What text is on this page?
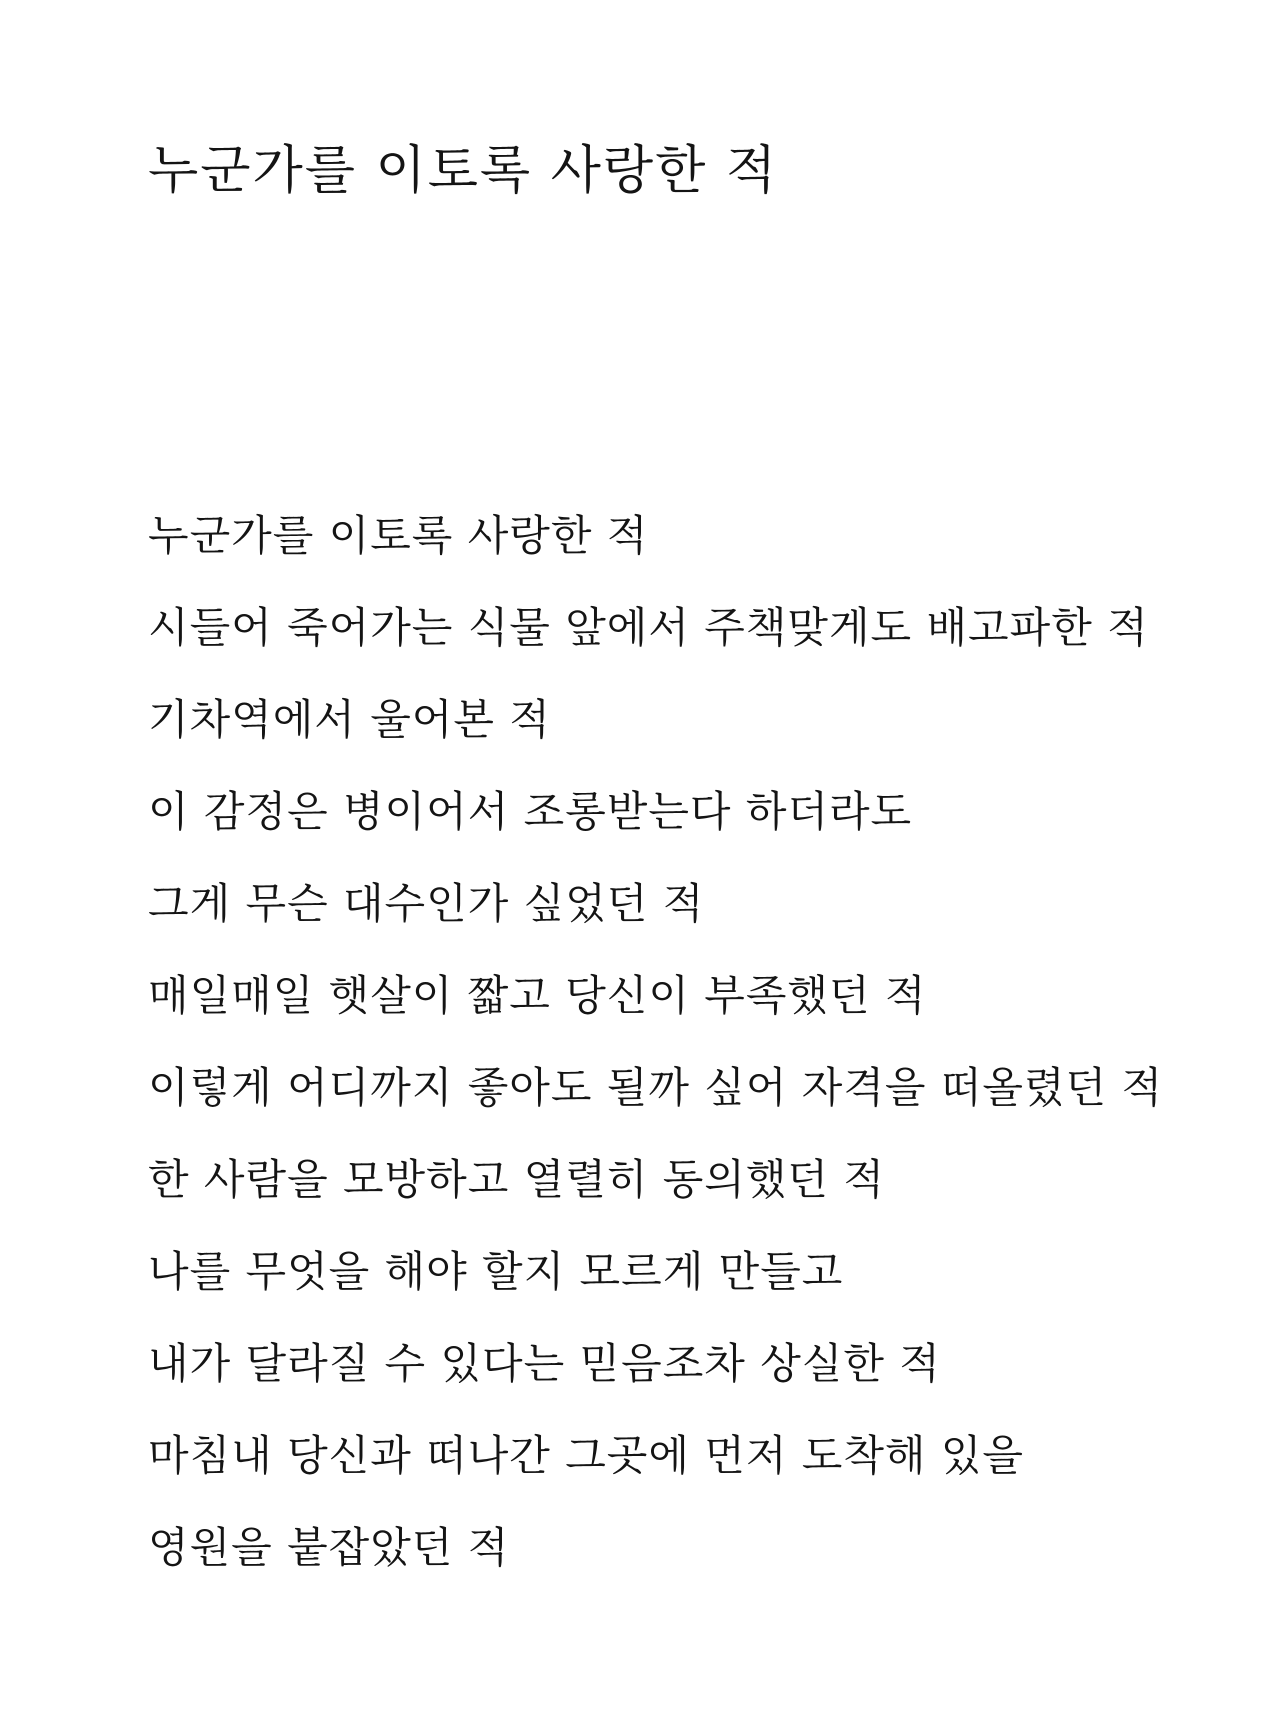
누군가를 이토록 사랑한 적
누군가를 이토록 사랑한 적
시들어 죽어가는 식물 앞에서 주책맞게도 배고파한 적
기차역에서 울어본 적
이 감정은 병이어서 조롱받는다 하더라도
그게 무슨 대수인가 싶었던 적
매일매일 햇살이 짧고 당신이 부족했던 적
이렇게 어디까지 좋아도 될까 싶어 자격을 떠올렸던 적
한 사람을 모방하고 열렬히 동의했던 적
나를 무엇을 해야 할지 모르게 만들고
내가 달라질 수 있다는 믿음조차 상실한 적
마침내 당신과 떠나간 그곳에 먼저 도착해 있을
영원을 붙잡았던 적
